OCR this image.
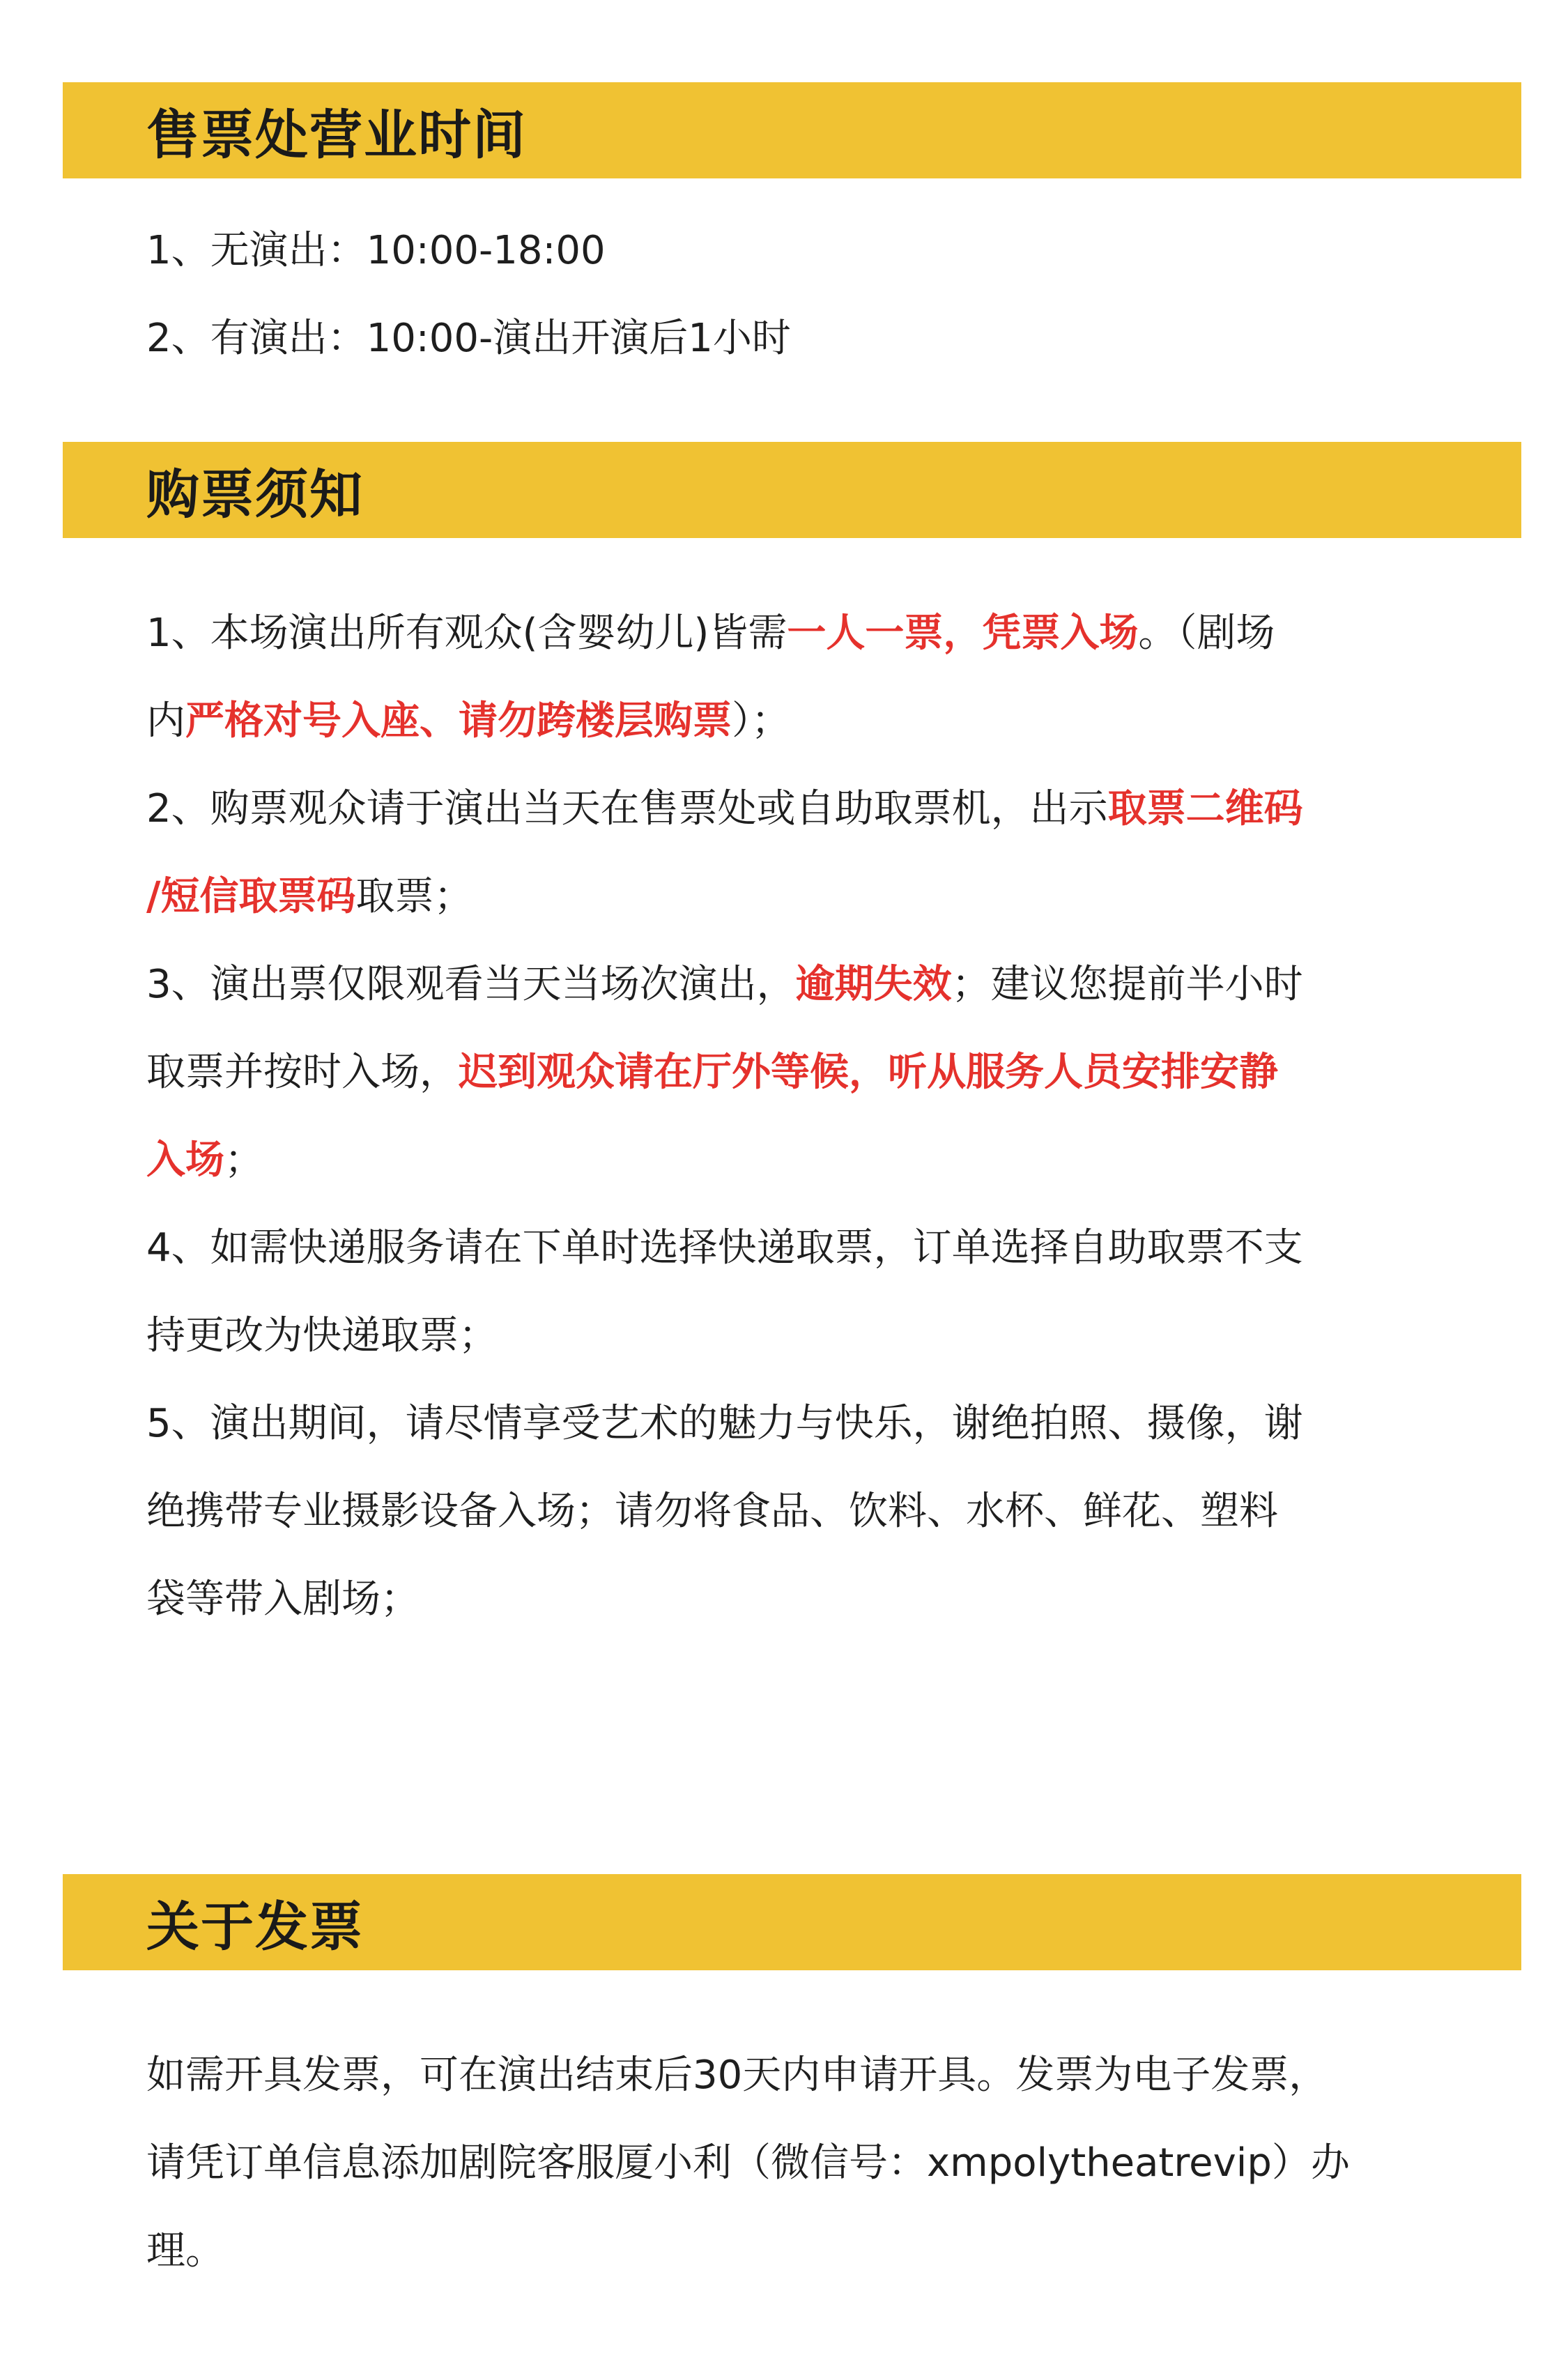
售票处营业时间

1、无演出：10:00-18:00

2、有演出：10:00-演出开演后1小时

购票须知

1、本场演出所有观众(含婴幼儿)皆需一人一票，凭票入场。（剧场

内严格对号入座、请勿跨楼层购票）；

2、购票观众请于演出当天在售票处或自助取票机，出示取票二维码

/短信取票码取票；

3、演出票仅限观看当天当场次演出，逾期失效；建议您提前半小时

取票并按时入场，迟到观众请在厅外等候，听从服务人员安排安静

入场；

4、如需快递服务请在下单时选择快递取票，订单选择自助取票不支

持更改为快递取票；

5、演出期间，请尽情享受艺术的魅力与快乐，谢绝拍照、摄像，谢

绝携带专业摄影设备入场；请勿将食品、饮料、水杯、鲜花、塑料

袋等带入剧场；

关于发票

如需开具发票，可在演出结束后30天内申请开具。发票为电子发票，

请凭订单信息添加剧院客服厦小利（微信号：xmpolytheatrevip）办

理。
